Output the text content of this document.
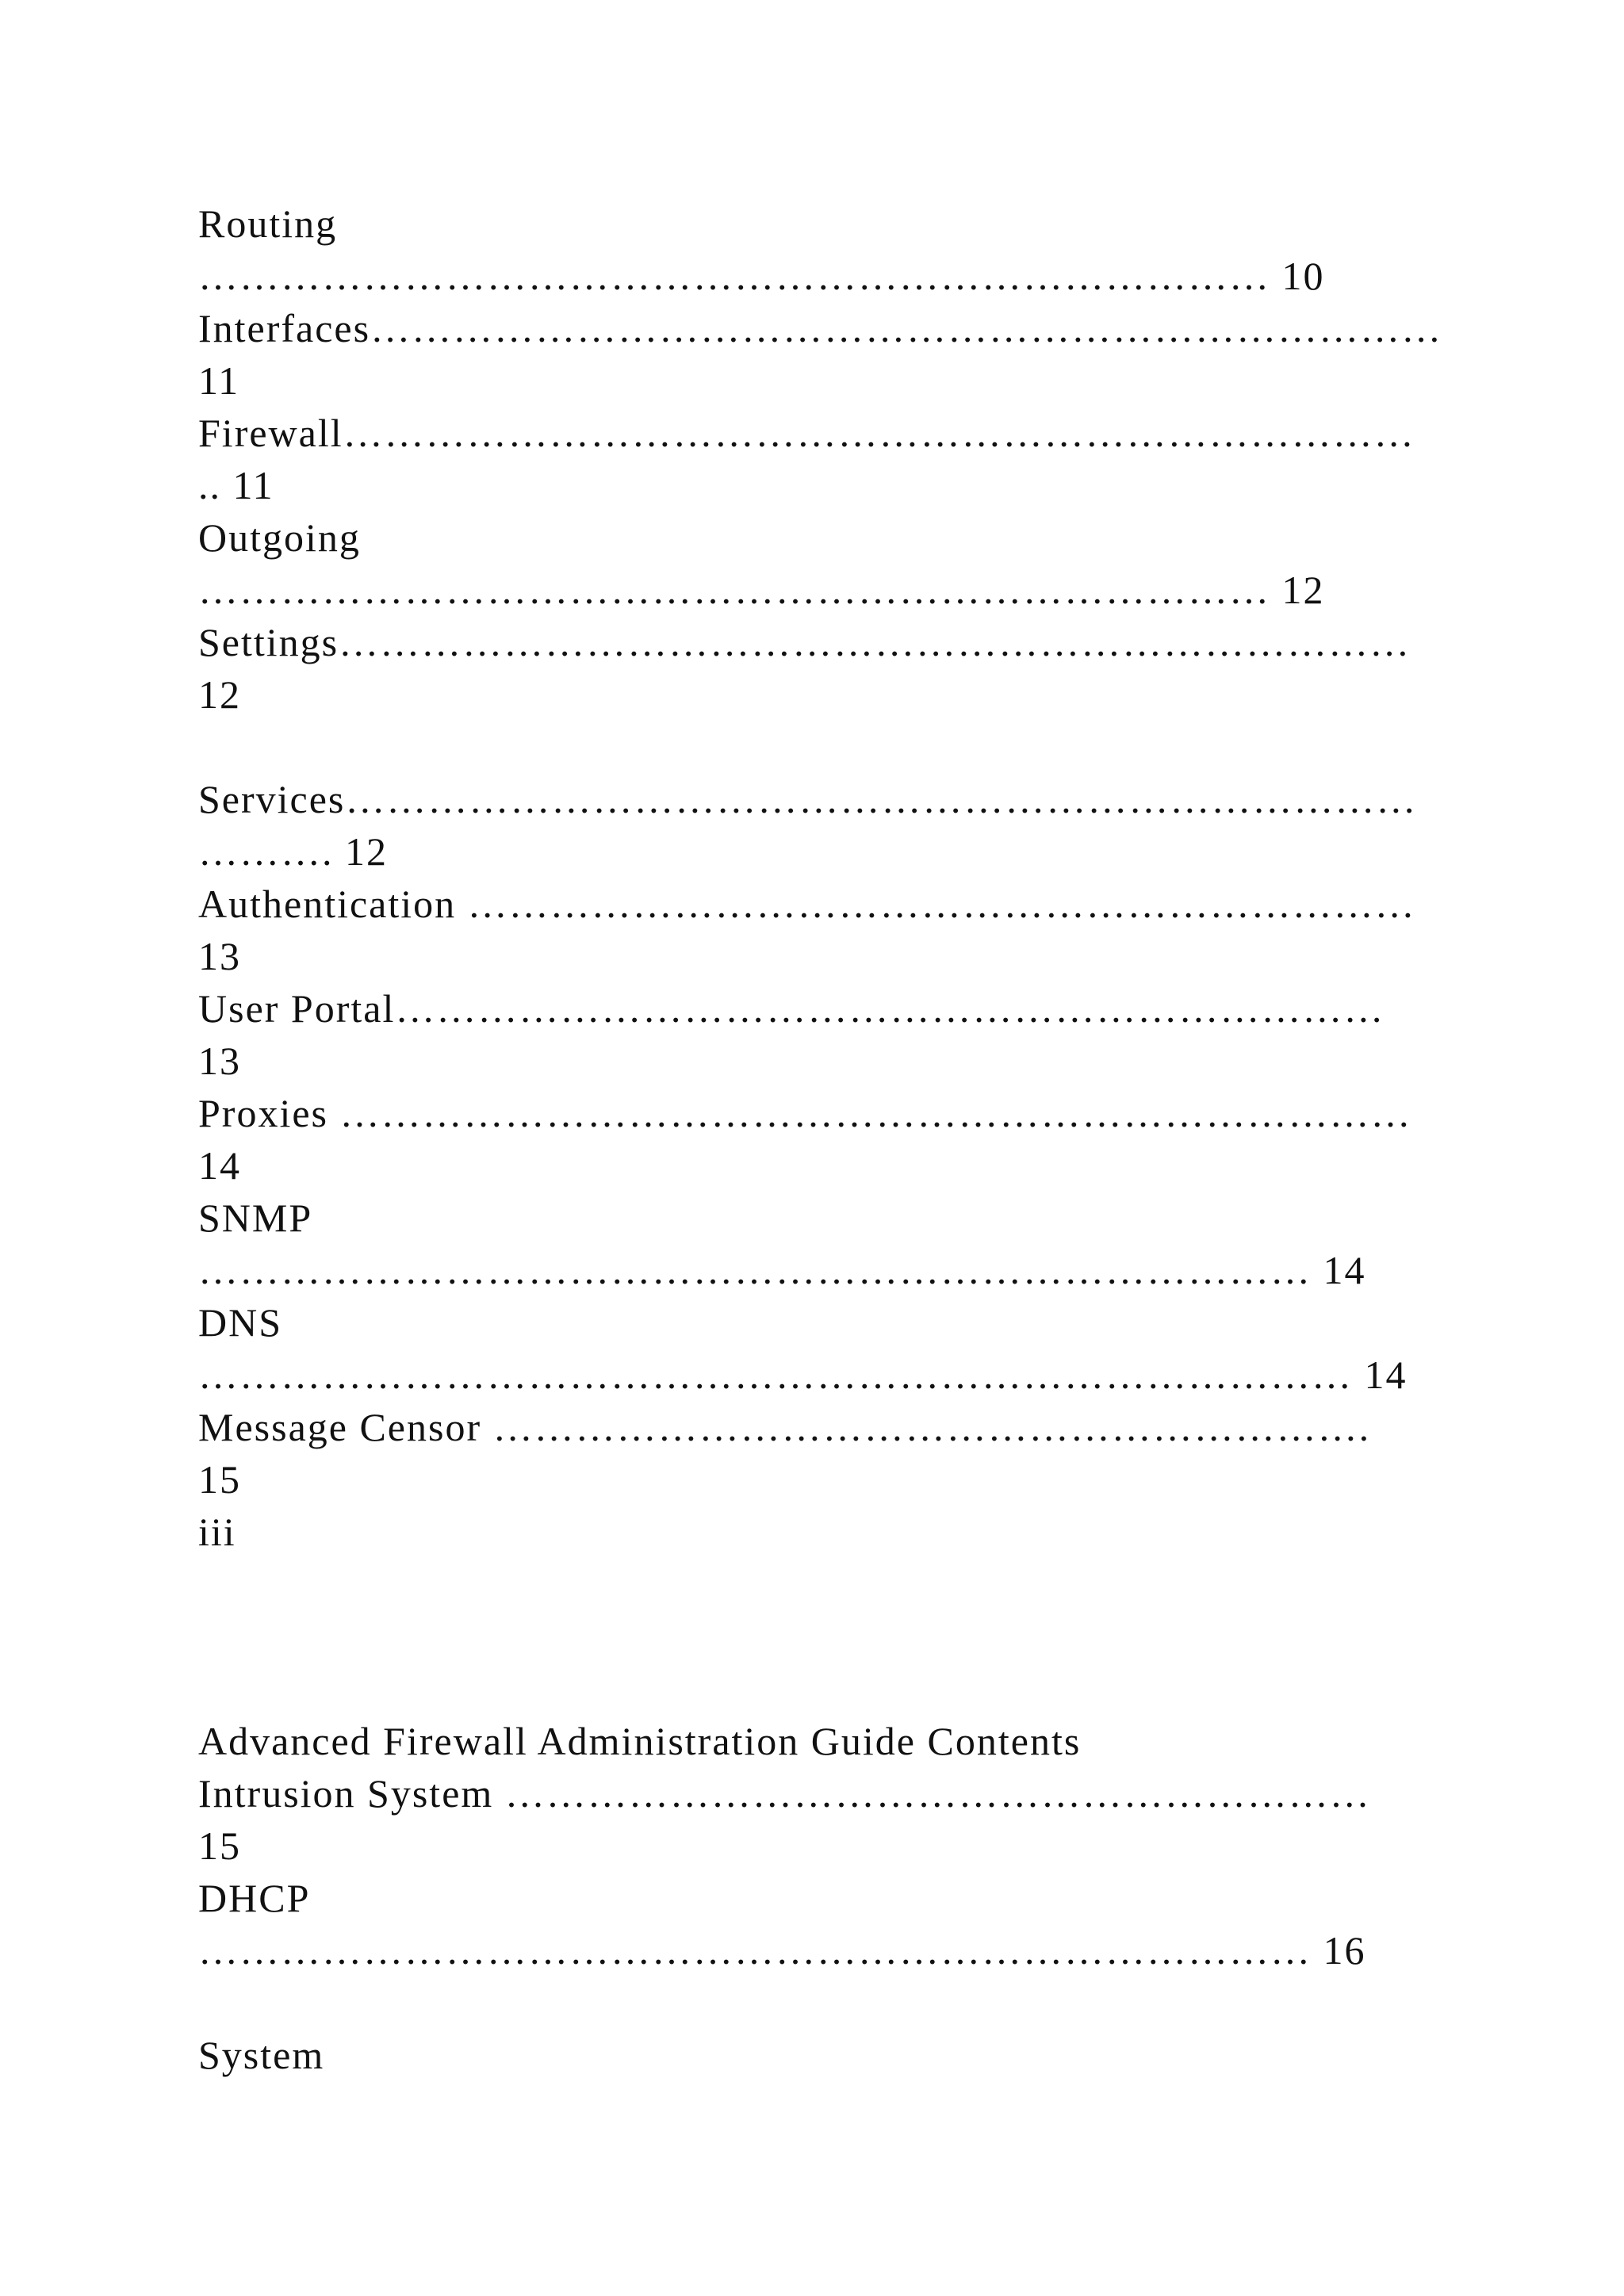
Routing

…………………………………………………………………… 10

Interfaces……………………………………………………………………

11

Firewall……………………………………………………………………

.. 11

Outgoing

…………………………………………………………………… 12

Settings……………………………………………………………………

12

Services……………………………………………………………………

………. 12

Authentication ……………………………………………………………

13

User Portal………………………………………………………………

13

Proxies ……………………………………………………………………

14

SNMP

……………………………………………………………………… 14

DNS

………………………………………………………………………… 14

Message Censor ……………………………………………………….

15

iii

Advanced Firewall Administration Guide Contents

Intrusion System ………………………………………………………

15

DHCP

……………………………………………………………………… 16

System
